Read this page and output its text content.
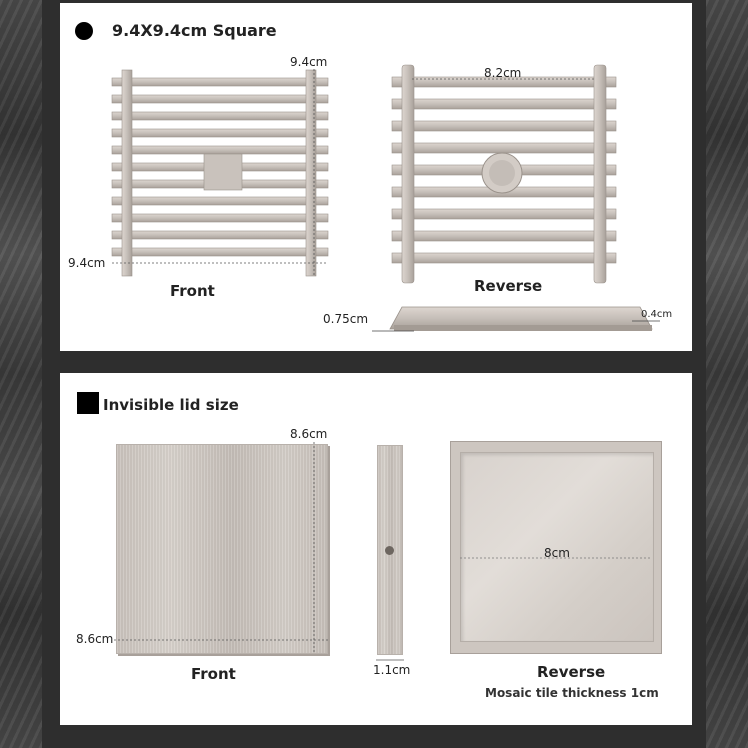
9.4X9.4cm Square
9.4cm
9.4cm
Front
8.2cm
Reverse
0.75cm	0.4cm
Invisible lid size
8.6cm
8.6cm
Front	1.1cm
8cm
Reverse
Mosaic tile thickness 1cm
